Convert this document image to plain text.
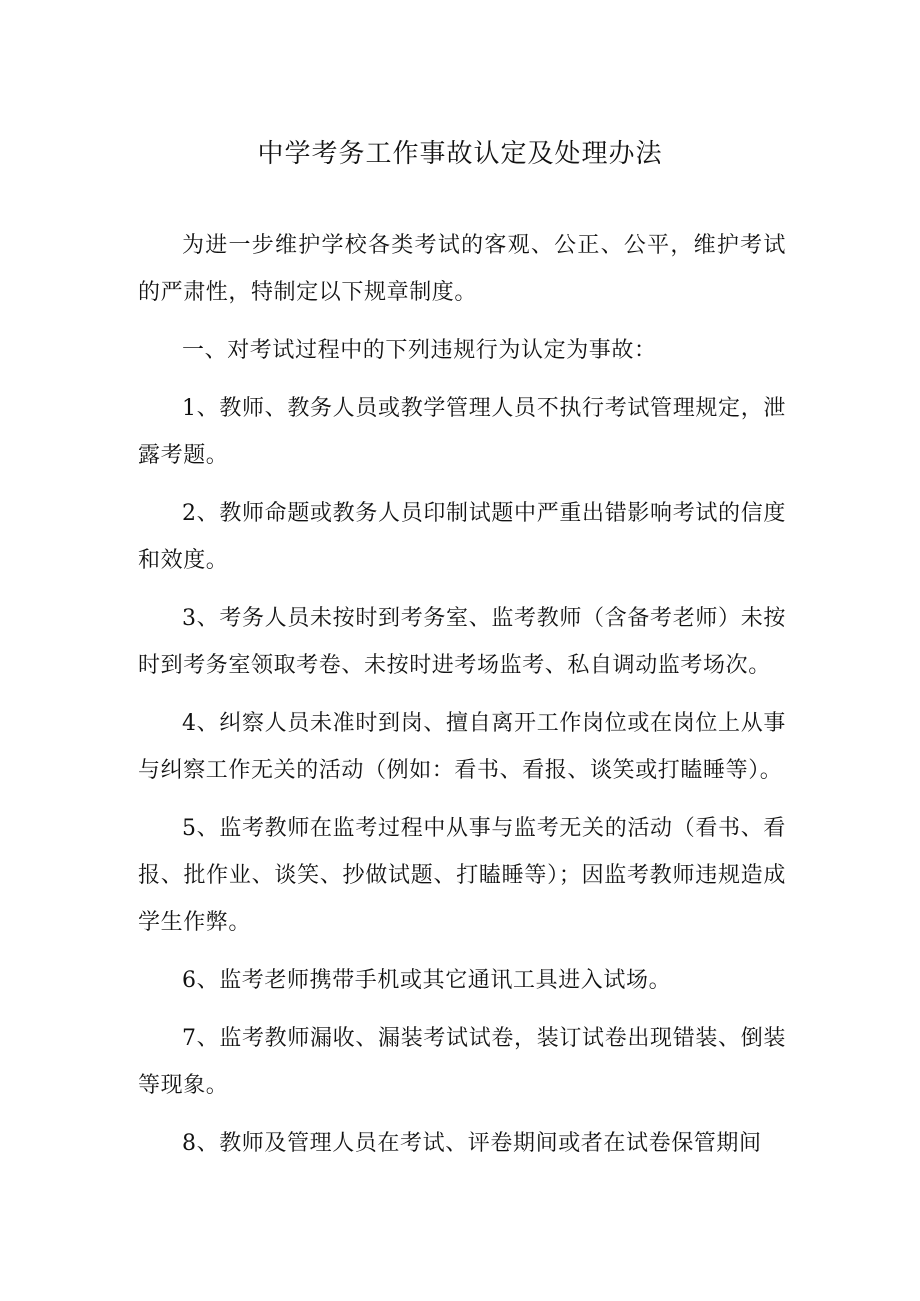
中学考务工作事故认定及处理办法

为进一步维护学校各类考试的客观、公正、公平，维护考试的严肃性，特制定以下规章制度。

一、对考试过程中的下列违规行为认定为事故：

1、教师、教务人员或教学管理人员不执行考试管理规定，泄露考题。

2、教师命题或教务人员印制试题中严重出错影响考试的信度和效度。

3、考务人员未按时到考务室、监考教师（含备考老师）未按时到考务室领取考卷、未按时进考场监考、私自调动监考场次。

4、纠察人员未准时到岗、擅自离开工作岗位或在岗位上从事与纠察工作无关的活动（例如：看书、看报、谈笑或打瞌睡等）。

5、监考教师在监考过程中从事与监考无关的活动（看书、看报、批作业、谈笑、抄做试题、打瞌睡等）；因监考教师违规造成学生作弊。

6、监考老师携带手机或其它通讯工具进入试场。

7、监考教师漏收、漏装考试试卷，装订试卷出现错装、倒装等现象。

8、教师及管理人员在考试、评卷期间或者在试卷保管期间
